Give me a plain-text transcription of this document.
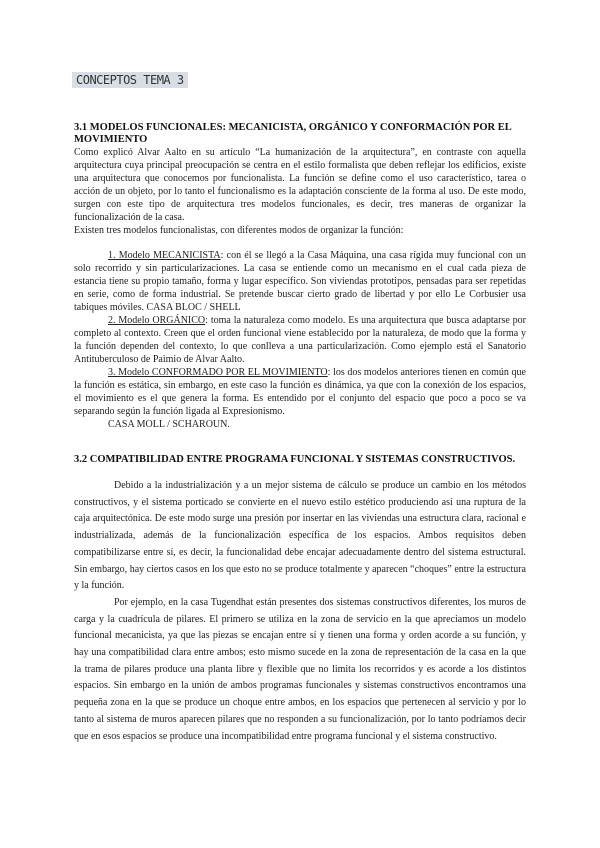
CONCEPTOS TEMA 3
3.1 MODELOS FUNCIONALES: MECANICISTA, ORGÁNICO Y CONFORMACIÓN POR EL MOVIMIENTO

Como explicó Alvar Aalto en su artículo “La humanización de la arquitectura”, en contraste con aquella arquitectura cuya principal preocupación se centra en el estilo formalista que deben reflejar los edificios, existe una arquitectura que conocemos por funcionalista. La función se define como el uso característico, tarea o acción de un objeto, por lo tanto el funcionalismo es la adaptación consciente de la forma al uso. De este modo, surgen con este tipo de arquitectura tres modelos funcionales, es decir, tres maneras de organizar la funcionalización de la casa.

Existen tres modelos funcionalistas, con diferentes modos de organizar la función:

1. Modelo MECANICISTA: con él se llegó a la Casa Máquina, una casa rígida muy funcional con un solo recorrido y sin particularizaciones. La casa se entiende como un mecanismo en el cual cada pieza de estancia tiene su propio tamaño, forma y lugar específico. Son viviendas prototipos, pensadas para ser repetidas en serie, como de forma industrial. Se pretende buscar cierto grado de libertad y por ello Le Corbusier usa tabiques móviles. CASA BLOC / SHELL

2. Modelo ORGÁNICO: toma la naturaleza como modelo. Es una arquitectura que busca adaptarse por completo al contexto. Creen que el orden funcional viene establecido por la naturaleza, de modo que la forma y la función dependen del contexto, lo que conlleva a una particularización. Como ejemplo está el Sanatorio Antituberculoso de Paimio de Alvar Aalto.

3. Modelo CONFORMADO POR EL MOVIMIENTO: los dos modelos anteriores tienen en común que la función es estática, sin embargo, en este caso la función es dinámica, ya que con la conexión de los espacios, el movimiento es el que genera la forma. Es entendido por el conjunto del espacio que poco a poco se va separando según la función ligada al Expresionismo.

CASA MOLL / SCHAROUN.

3.2 COMPATIBILIDAD ENTRE PROGRAMA FUNCIONAL Y SISTEMAS CONSTRUCTIVOS.

Debido a la industrialización y a un mejor sistema de cálculo se produce un cambio en los métodos constructivos, y el sistema porticado se convierte en el nuevo estilo estético produciendo así una ruptura de la caja arquitectónica. De este modo surge una presión por insertar en las viviendas una estructura clara, racional e industrializada, además de la funcionalización específica de los espacios. Ambos requisitos deben compatibilizarse entre sí, es decir, la funcionalidad debe encajar adecuadamente dentro del sistema estructural. Sin embargo, hay ciertos casos en los que esto no se produce totalmente y aparecen “choques” entre la estructura y la función.

Por ejemplo, en la casa Tugendhat están presentes dos sistemas constructivos diferentes, los muros de carga y la cuadrícula de pilares. El primero se utiliza en la zona de servicio en la que apreciamos un modelo funcional mecanicista, ya que las piezas se encajan entre sí y tienen una forma y orden acorde a su función, y hay una compatibilidad clara entre ambos; esto mismo sucede en la zona de representación de la casa en la que la trama de pilares produce una planta libre y flexible que no limita los recorridos y es acorde a los distintos espacios. Sin embargo en la unión de ambos programas funcionales y sistemas constructivos encontramos una pequeña zona en la que se produce un choque entre ambos, en los espacios que pertenecen al servicio y por lo tanto al sistema de muros aparecen pilares que no responden a su funcionalización, por lo tanto podríamos decir que en esos espacios se produce una incompatibilidad entre programa funcional y el sistema constructivo.
